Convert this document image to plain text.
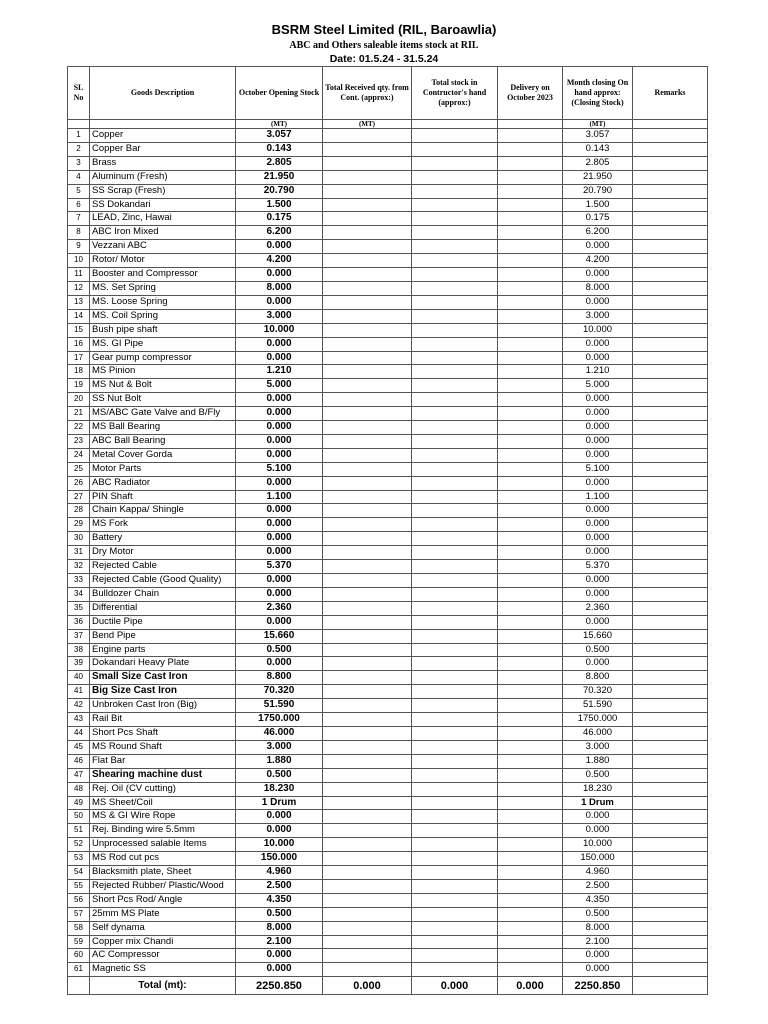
BSRM Steel Limited (RIL, Baroawlia)
ABC and Others saleable items stock at RIL
Date: 01.5.24 - 31.5.24
SL No	Goods Description	October Opening Stock	Total Received qty. from Cont. (approx:)	Total stock in Contructor's hand (approx:)	Delivery on October 2023	Month closing On hand approx: (Closing Stock)	Remarks
		(MT)	(MT)			(MT)	
1	Copper	3.057				3.057	
2	Copper Bar	0.143				0.143	
3	Brass	2.805				2.805	
4	Aluminum (Fresh)	21.950				21.950	
5	SS Scrap (Fresh)	20.790				20.790	
6	SS Dokandari	1.500				1.500	
7	LEAD, Zinc, Hawai	0.175				0.175	
8	ABC Iron Mixed	6.200				6.200	
9	Vezzani ABC	0.000				0.000	
10	Rotor/ Motor	4.200				4.200	
11	Booster and Compressor	0.000				0.000	
12	MS. Set Spring	8.000				8.000	
13	MS. Loose Spring	0.000				0.000	
14	MS. Coil Spring	3.000				3.000	
15	Bush pipe shaft	10.000				10.000	
16	MS. GI Pipe	0.000				0.000	
17	Gear pump compressor	0.000				0.000	
18	MS Pinion	1.210				1.210	
19	MS Nut & Bolt	5.000				5.000	
20	SS Nut Bolt	0.000				0.000	
21	MS/ABC Gate Valve and B/Fly	0.000				0.000	
22	MS Ball Bearing	0.000				0.000	
23	ABC Ball Bearing	0.000				0.000	
24	Metal Cover Gorda	0.000				0.000	
25	Motor Parts	5.100				5.100	
26	ABC Radiator	0.000				0.000	
27	PIN Shaft	1.100				1.100	
28	Chain Kappa/ Shingle	0.000				0.000	
29	MS Fork	0.000				0.000	
30	Battery	0.000				0.000	
31	Dry Motor	0.000				0.000	
32	Rejected Cable	5.370				5.370	
33	Rejected Cable (Good Quality)	0.000				0.000	
34	Bulldozer Chain	0.000				0.000	
35	Differential	2.360				2.360	
36	Ductile Pipe	0.000				0.000	
37	Bend Pipe	15.660				15.660	
38	Engine parts	0.500				0.500	
39	Dokandari Heavy Plate	0.000				0.000	
40	Small Size Cast Iron	8.800				8.800	
41	Big Size Cast Iron	70.320				70.320	
42	Unbroken Cast Iron (Big)	51.590				51.590	
43	Rail Bit	1750.000				1750.000	
44	Short Pcs Shaft	46.000				46.000	
45	MS Round Shaft	3.000				3.000	
46	Flat Bar	1.880				1.880	
47	Shearing machine dust	0.500				0.500	
48	Rej. Oil (CV cutting)	18.230				18.230	
49	MS Sheet/Coil	1 Drum				1 Drum	
50	MS & GI Wire Rope	0.000				0.000	
51	Rej. Binding wire 5.5mm	0.000				0.000	
52	Unprocessed salable Items	10.000				10.000	
53	MS Rod cut pcs	150.000				150.000	
54	Blacksmith plate, Sheet	4.960				4.960	
55	Rejected Rubber/ Plastic/Wood	2.500				2.500	
56	Short Pcs Rod/ Angle	4.350				4.350	
57	25mm MS Plate	0.500				0.500	
58	Self dynama	8.000				8.000	
59	Copper mix Chandi	2.100				2.100	
60	AC Compressor	0.000				0.000	
61	Magnetic SS	0.000				0.000	
	Total (mt):	2250.850	0.000	0.000	0.000	2250.850	
